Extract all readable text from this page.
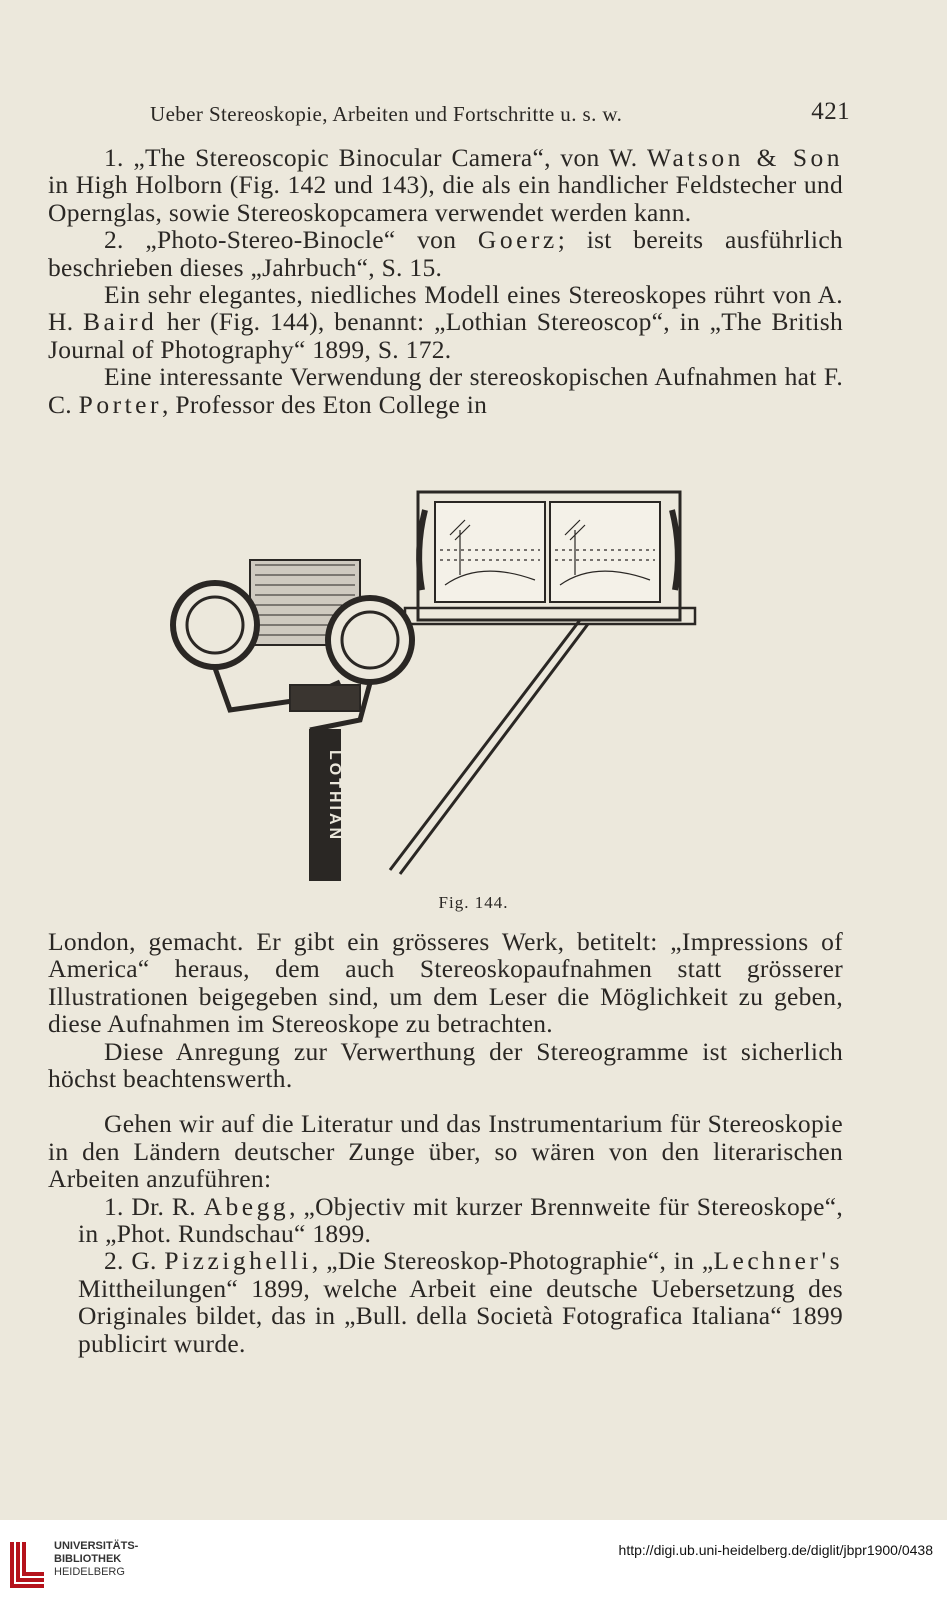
Ueber Stereoskopie, Arbeiten und Fortschritte u. s. w.	421

1. „The Stereoscopic Binocular Camera“, von W. Watson & Son in High Holborn (Fig. 142 und 143), die als ein handlicher Feldstecher und Opernglas, sowie Stereoskopcamera verwendet werden kann.

2. „Photo-Stereo-Binocle“ von Goerz; ist bereits ausführlich beschrieben dieses „Jahrbuch“, S. 15.

Ein sehr elegantes, niedliches Modell eines Stereoskopes rührt von A. H. Baird her (Fig. 144), benannt: „Lothian Stereoscop“, in „The British Journal of Photography“ 1899, S. 172.

Eine interessante Verwendung der stereoskopischen Aufnahmen hat F. C. Porter, Professor des Eton College in

LOTHIAN
Fig. 144.

London, gemacht. Er gibt ein grösseres Werk, betitelt: „Impressions of America“ heraus, dem auch Stereoskopaufnahmen statt grösserer Illustrationen beigegeben sind, um dem Leser die Möglichkeit zu geben, diese Aufnahmen im Stereoskope zu betrachten.

Diese Anregung zur Verwerthung der Stereogramme ist sicherlich höchst beachtenswerth.

Gehen wir auf die Literatur und das Instrumentarium für Stereoskopie in den Ländern deutscher Zunge über, so wären von den literarischen Arbeiten anzuführen:

1. Dr. R. Abegg, „Objectiv mit kurzer Brennweite für Stereoskope“, in „Phot. Rundschau“ 1899.

2. G. Pizzighelli, „Die Stereoskop-Photographie“, in „Lechner's Mittheilungen“ 1899, welche Arbeit eine deutsche Uebersetzung des Originales bildet, das in „Bull. della Società Fotografica Italiana“ 1899 publicirt wurde.

UNIVERSITÄTS-
BIBLIOTHEK
HEIDELBERG
http://digi.ub.uni-heidelberg.de/diglit/jbpr1900/0438
